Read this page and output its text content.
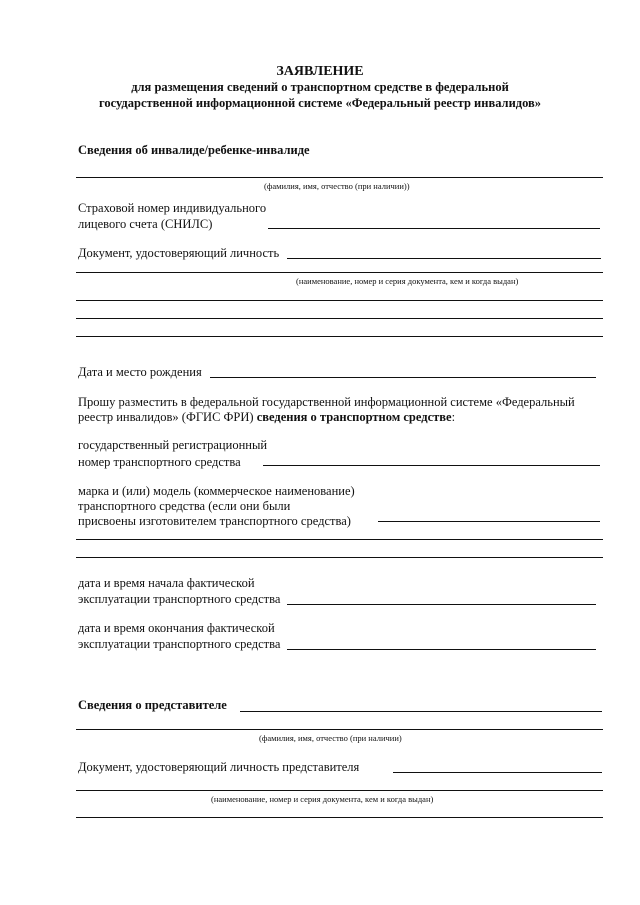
ЗАЯВЛЕНИЕ
для размещения сведений о транспортном средстве в федеральной
государственной информационной системе «Федеральный реестр инвалидов»
Сведения об инвалиде/ребенке-инвалиде
(фамилия, имя, отчество (при наличии))
Страховой номер индивидуального
лицевого счета (СНИЛС)
Документ, удостоверяющий личность
(наименование, номер и серия документа, кем и когда выдан)
Дата и место рождения
Прошу разместить в федеральной государственной информационной системе «Федеральный
реестр инвалидов» (ФГИС ФРИ) сведения о транспортном средстве:
государственный регистрационный
номер транспортного средства
марка и (или) модель (коммерческое наименование)
транспортного средства (если они были
присвоены изготовителем транспортного средства)
дата и время начала фактической
эксплуатации транспортного средства
дата и время окончания фактической
эксплуатации транспортного средства
Сведения о представителе
(фамилия, имя, отчество (при наличии)
Документ, удостоверяющий личность представителя
(наименование, номер и серия документа, кем и когда выдан)
